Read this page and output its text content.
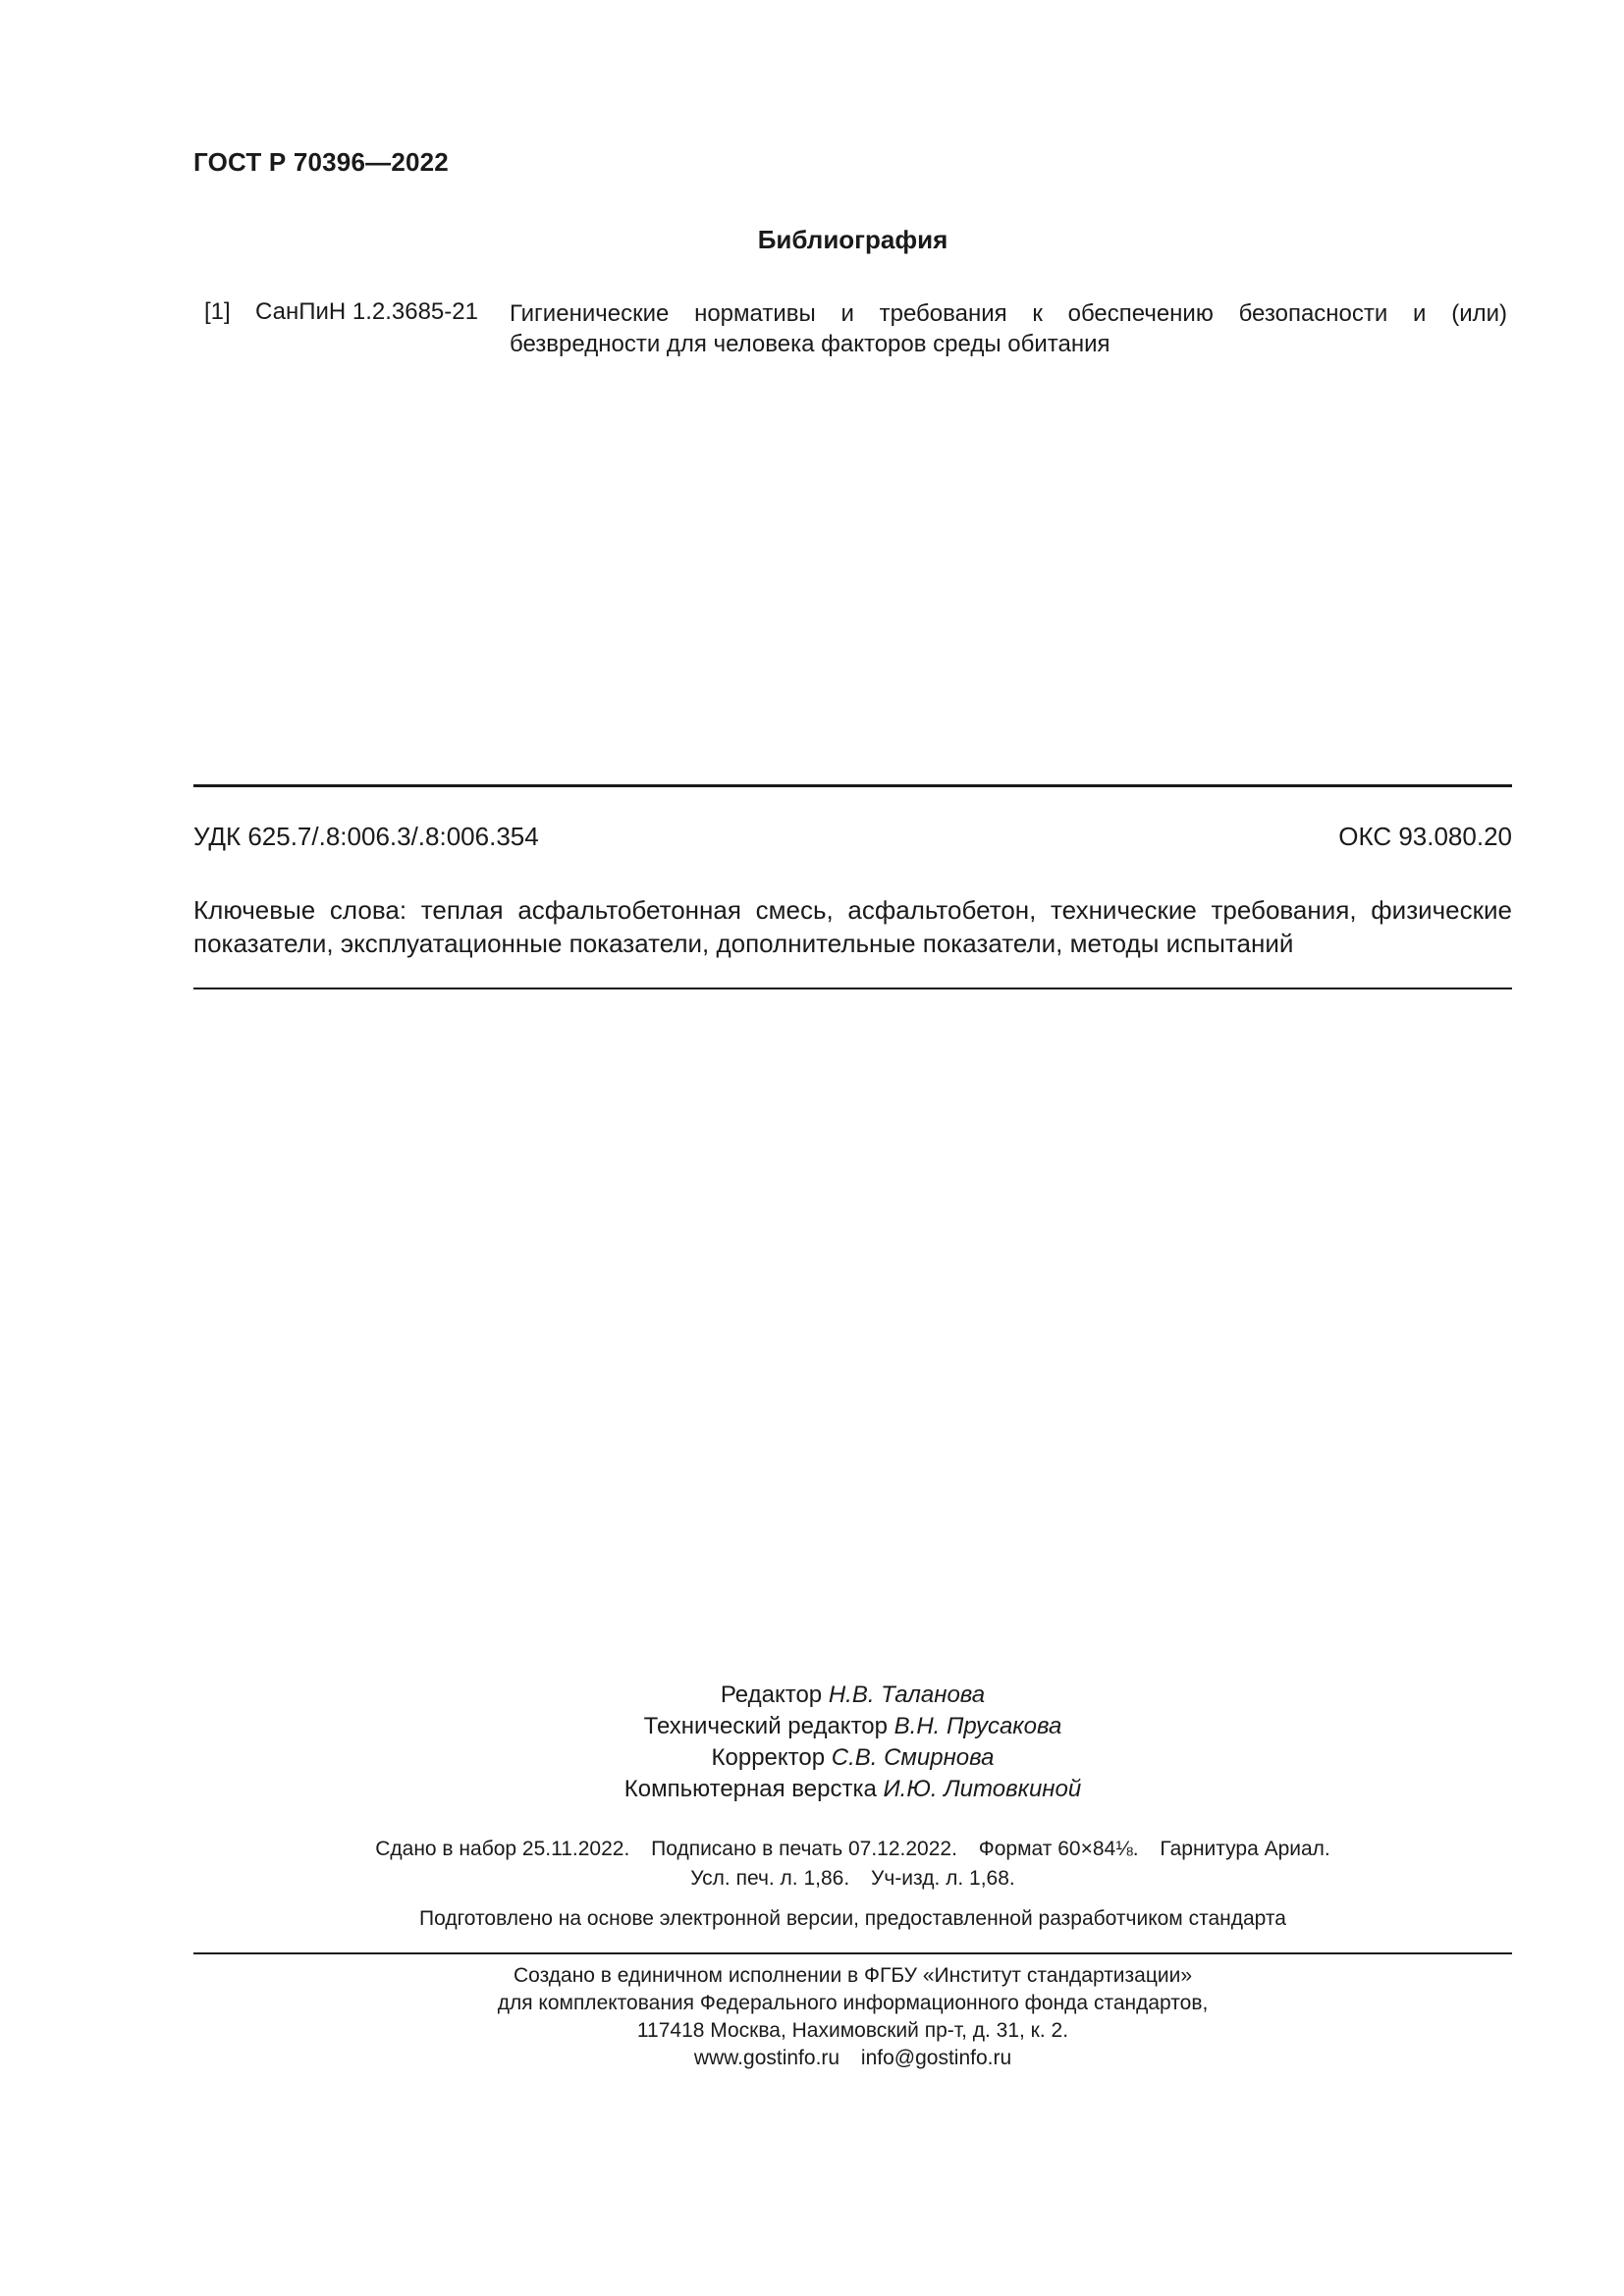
ГОСТ Р 70396—2022
Библиография
[1] СанПиН 1.2.3685-21 Гигиенические нормативы и требования к обеспечению безопасности и (или) безвредности для человека факторов среды обитания
УДК 625.7/.8:006.3/.8:006.354	ОКС 93.080.20
Ключевые слова: теплая асфальтобетонная смесь, асфальтобетон, технические требования, физические показатели, эксплуатационные показатели, дополнительные показатели, методы испытаний
Редактор Н.В. Таланова
Технический редактор В.Н. Прусакова
Корректор С.В. Смирнова
Компьютерная верстка И.Ю. Литовкиной
Сдано в набор 25.11.2022. Подписано в печать 07.12.2022. Формат 60×84⅛. Гарнитура Ариал.
Усл. печ. л. 1,86. Уч-изд. л. 1,68.
Подготовлено на основе электронной версии, предоставленной разработчиком стандарта
Создано в единичном исполнении в ФГБУ «Институт стандартизации»
для комплектования Федерального информационного фонда стандартов,
117418 Москва, Нахимовский пр-т, д. 31, к. 2.
www.gostinfo.ru info@gostinfo.ru
